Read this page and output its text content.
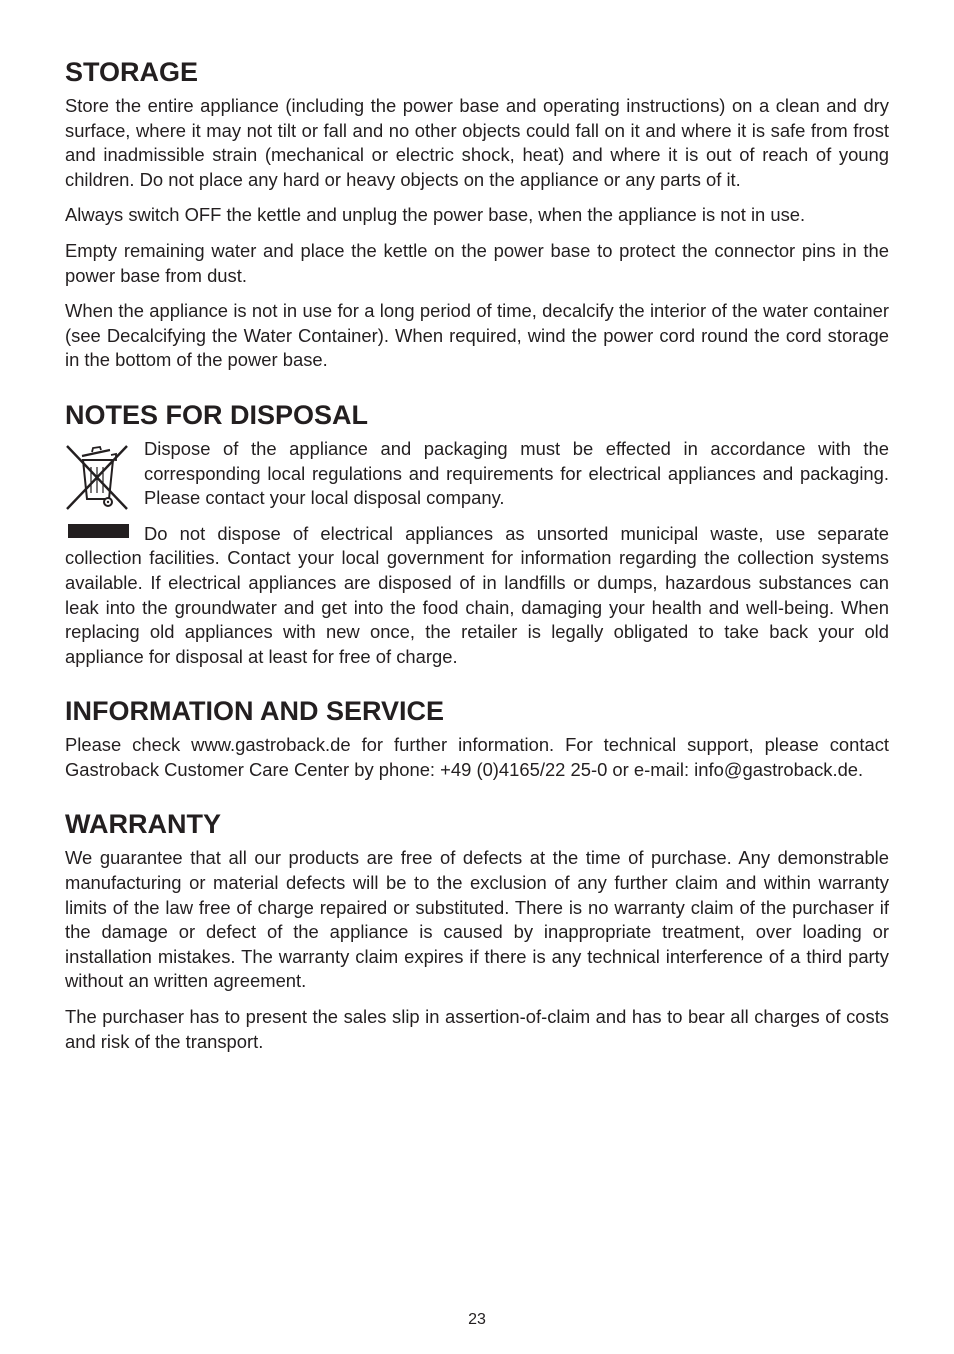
STORAGE

Store the entire appliance (including the power base and operating instructions) on a clean and dry surface, where it may not tilt or fall and no other objects could fall on it and where it is safe from frost and inadmissible strain (mechanical or electric shock, heat) and where it is out of reach of young children. Do not place any hard or heavy objects on the appliance or any parts of it.

Always switch OFF the kettle and unplug the power base, when the appliance is not in use.

Empty remaining water and place the kettle on the power base to protect the connector pins in the power base from dust.

When the appliance is not in use for a long period of time, decalcify the interior of the water container (see Decalcifying the Water Container). When required, wind the power cord round the cord storage in the bottom of the power base.

NOTES FOR DISPOSAL

Dispose of the appliance and packaging must be effected in accordance with the corresponding local regulations and requirements for electrical appliances and packaging. Please contact your local disposal company.

Do not dispose of electrical appliances as unsorted municipal waste, use separate collection facilities. Contact your local government for information regarding the collection systems available. If electrical appliances are disposed of in landfills or dumps, hazardous substances can leak into the groundwater and get into the food chain, damaging your health and well-being. When replacing old appliances with new once, the retailer is legally obligated to take back your old appliance for disposal at least for free of charge.

INFORMATION AND SERVICE

Please check www.gastroback.de for further information. For technical support, please contact Gastroback Customer Care Center by phone: +49 (0)4165/22 25-0 or e-mail: info@gastroback.de.

WARRANTY

We guarantee that all our products are free of defects at the time of purchase. Any demonstrable manufacturing or material defects will be to the exclusion of any further claim and within warranty limits of the law free of charge repaired or substituted. There is no warranty claim of the purchaser if the damage or defect of the appliance is caused by inappropriate treatment, over loading or installation mistakes. The warranty claim expires if there is any technical interference of a third party without an written agreement.

The purchaser has to present the sales slip in assertion-of-claim and has to bear all charges of costs and risk of the transport.

23
